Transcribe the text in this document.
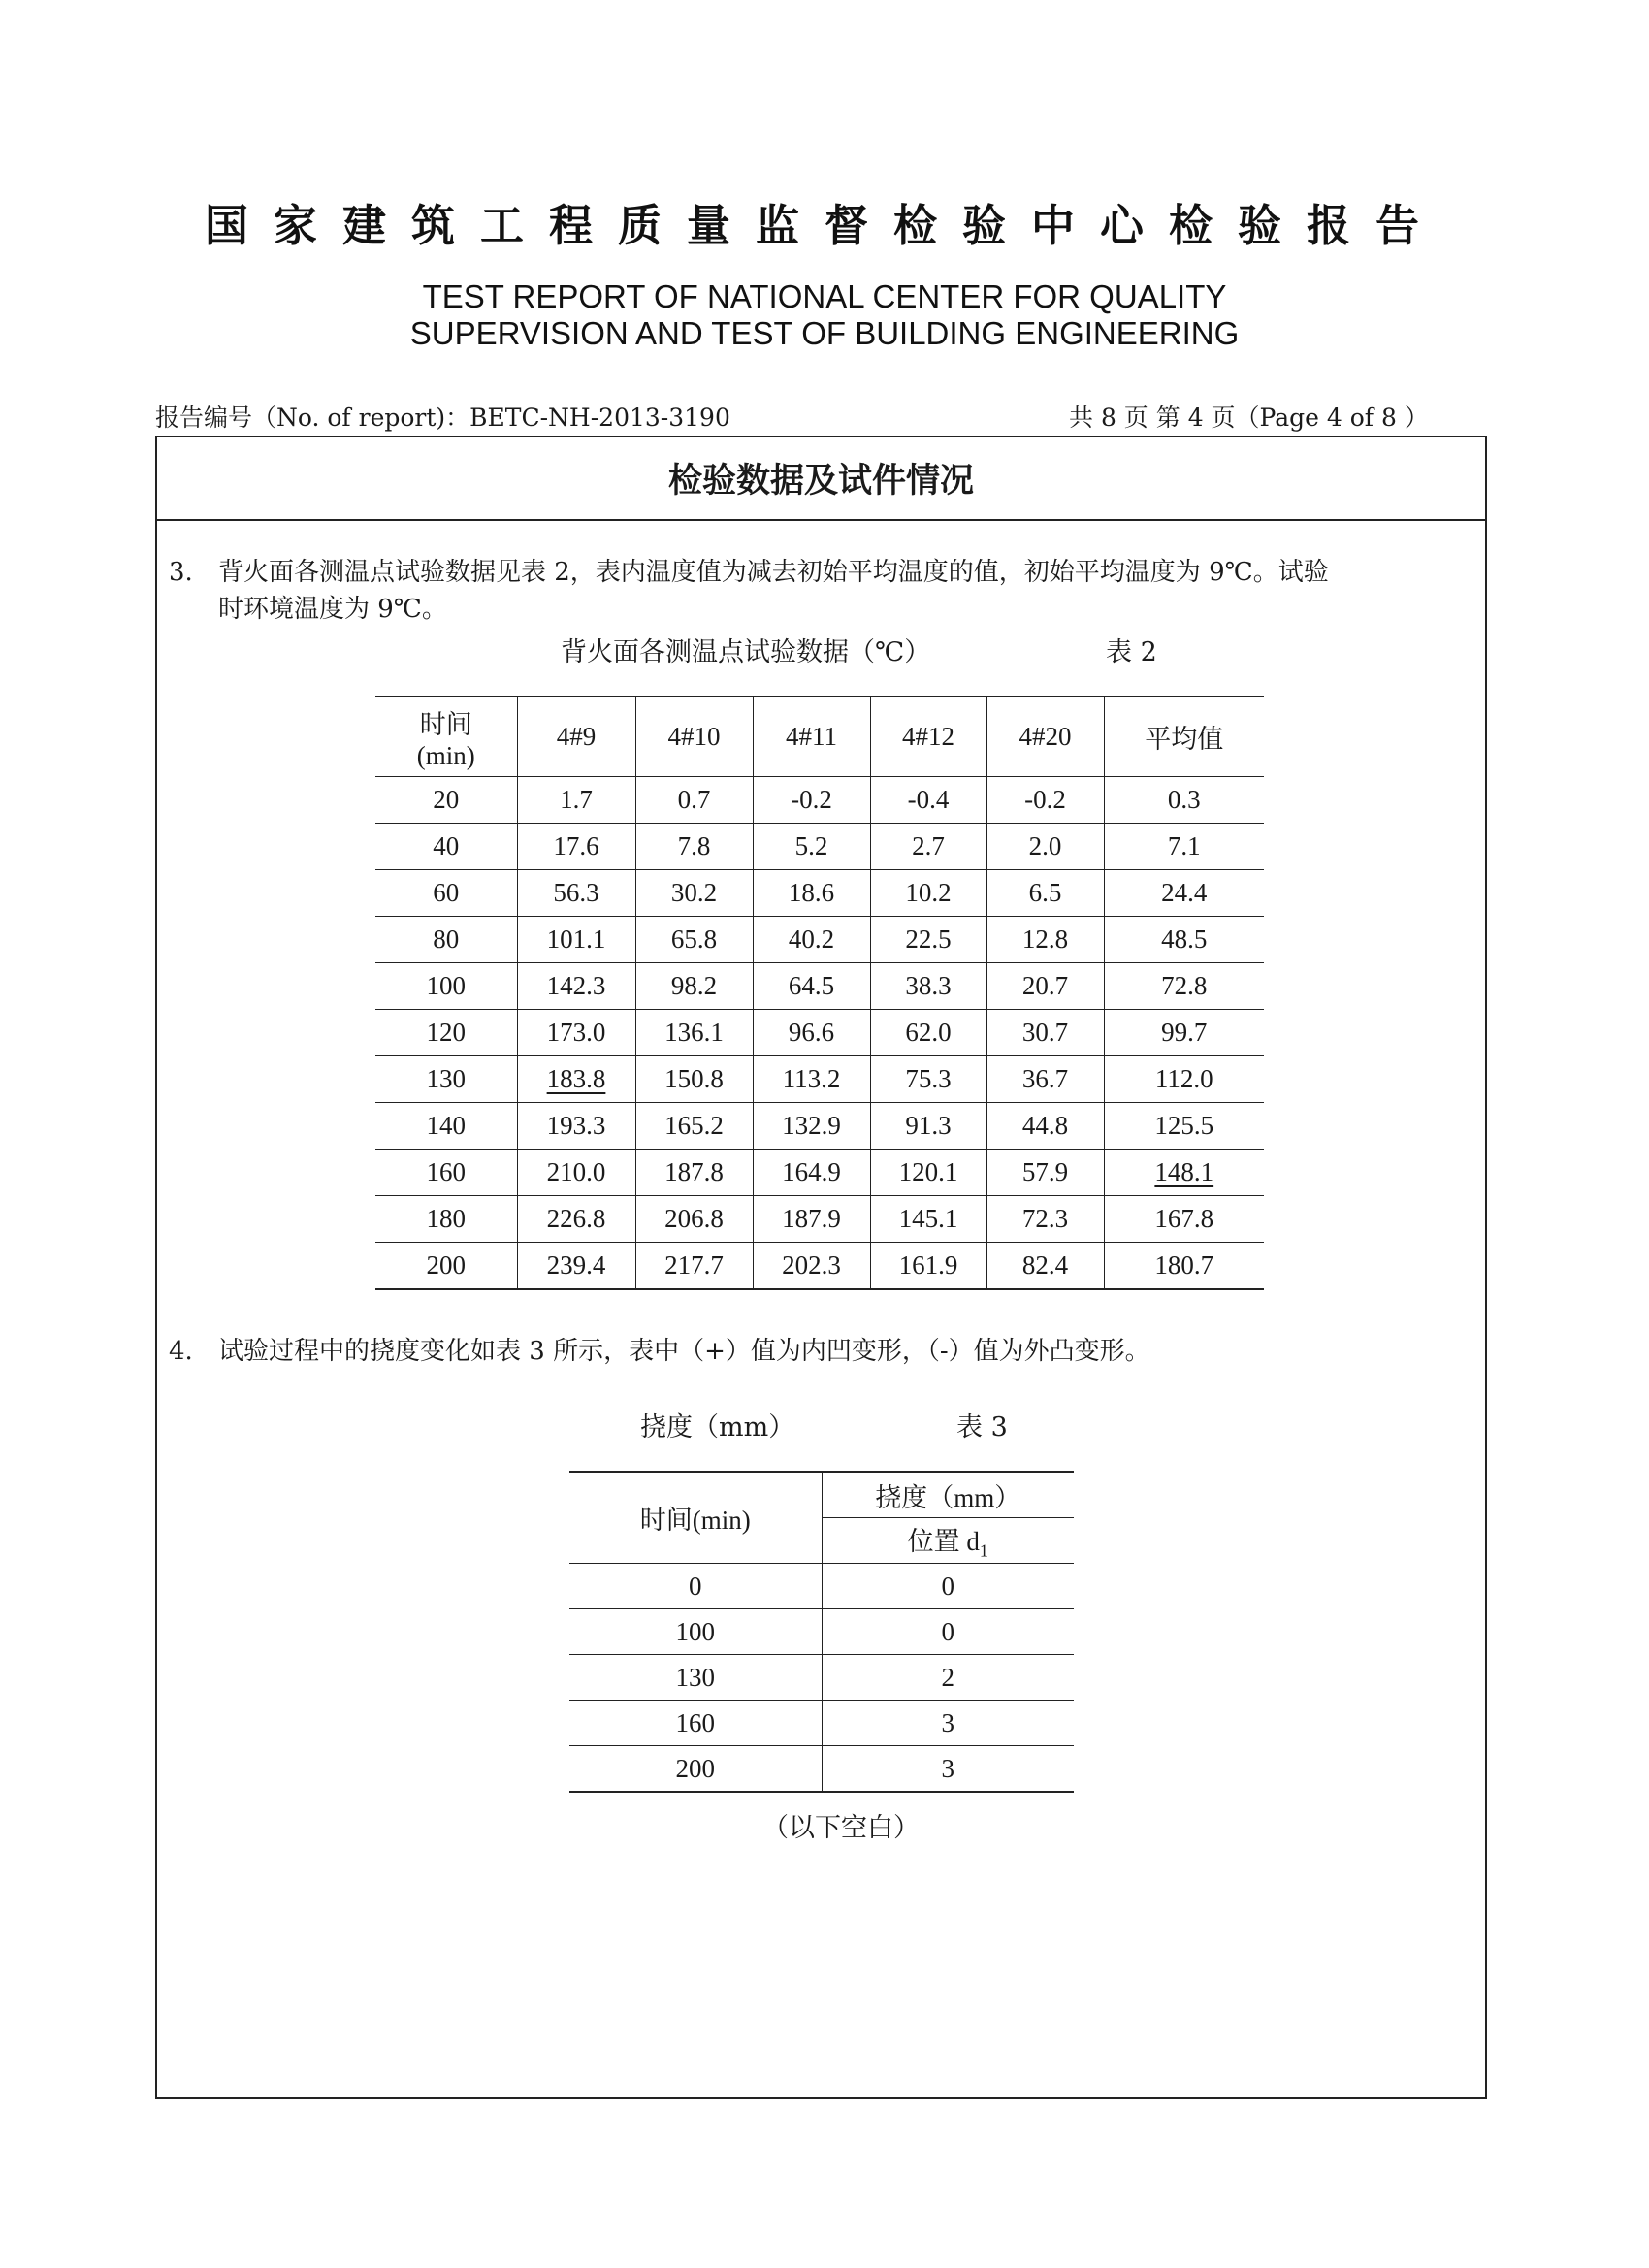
国家建筑工程质量监督检验中心检验报告
TEST REPORT OF NATIONAL CENTER FOR QUALITY
SUPERVISION AND TEST OF BUILDING ENGINEERING
报告编号（No. of report)：BETC-NH-2013-3190	共 8 页 第 4 页（Page 4 of 8 ）
检验数据及试件情况
3. 背火面各测温点试验数据见表 2，表内温度值为减去初始平均温度的值，初始平均温度为 9℃。试验
时环境温度为 9℃。
背火面各测温点试验数据（℃）	表 2
时间
(min)	4#9	4#10	4#11	4#12	4#20	平均值
20	1.7	0.7	-0.2	-0.4	-0.2	0.3
40	17.6	7.8	5.2	2.7	2.0	7.1
60	56.3	30.2	18.6	10.2	6.5	24.4
80	101.1	65.8	40.2	22.5	12.8	48.5
100	142.3	98.2	64.5	38.3	20.7	72.8
120	173.0	136.1	96.6	62.0	30.7	99.7
130	183.8	150.8	113.2	75.3	36.7	112.0
140	193.3	165.2	132.9	91.3	44.8	125.5
160	210.0	187.8	164.9	120.1	57.9	148.1
180	226.8	206.8	187.9	145.1	72.3	167.8
200	239.4	217.7	202.3	161.9	82.4	180.7
4. 试验过程中的挠度变化如表 3 所示，表中（+）值为内凹变形，（-）值为外凸变形。
挠度（mm）	表 3
时间(min)	挠度（mm）
	位置 $d_1$
0	0
100	0
130	2
160	3
200	3
（以下空白）
